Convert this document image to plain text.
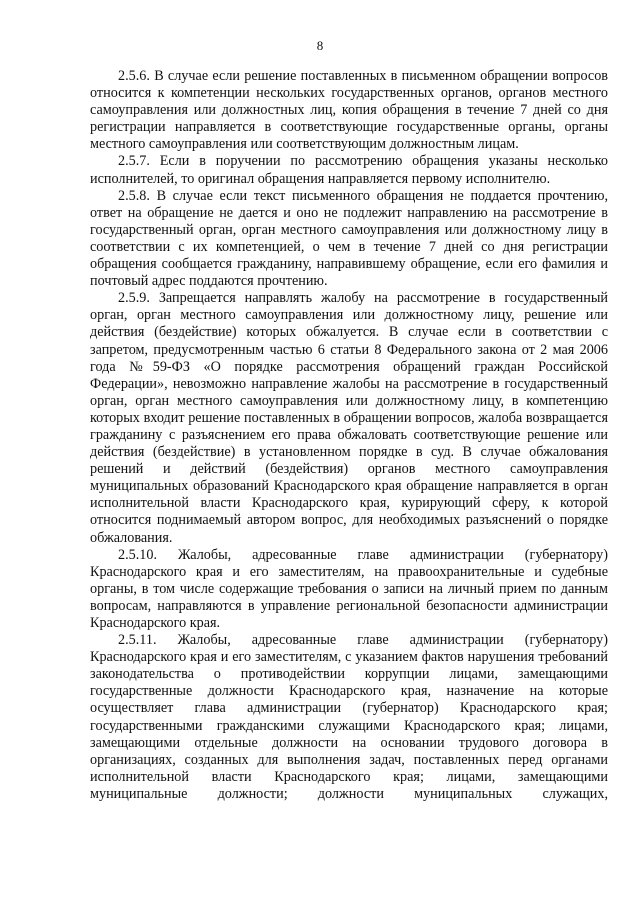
8

2.5.6. В случае если решение поставленных в письменном обращении вопросов относится к компетенции нескольких государственных органов, органов местного самоуправления или должностных лиц, копия обращения в течение 7 дней со дня регистрации направляется в соответствующие государственные органы, органы местного самоуправления или соответствующим должностным лицам.

2.5.7. Если в поручении по рассмотрению обращения указаны несколько исполнителей, то оригинал обращения направляется первому исполнителю.

2.5.8. В случае если текст письменного обращения не поддается прочтению, ответ на обращение не дается и оно не подлежит направлению на рассмотрение в государственный орган, орган местного самоуправления или должностному лицу в соответствии с их компетенцией, о чем в течение 7 дней со дня регистрации обращения сообщается гражданину, направившему обращение, если его фамилия и почтовый адрес поддаются прочтению.

2.5.9. Запрещается направлять жалобу на рассмотрение в государственный орган, орган местного самоуправления или должностному лицу, решение или действия (бездействие) которых обжалуется. В случае если в соответствии с запретом, предусмотренным частью 6 статьи 8 Федерального закона от 2 мая 2006 года №59-ФЗ «О порядке рассмотрения обращений граждан Российской Федерации», невозможно направление жалобы на рассмотрение в государственный орган, орган местного самоуправления или должностному лицу, в компетенцию которых входит решение поставленных в обращении вопросов, жалоба возвращается гражданину с разъяснением его права обжаловать соответствующие решение или действия (бездействие) в установленном порядке в суд. В случае обжалования решений и действий (бездействия) органов местного самоуправления муниципальных образований Краснодарского края обращение направляется в орган исполнительной власти Краснодарского края, курирующий сферу, к которой относится поднимаемый автором вопрос, для необходимых разъяснений о порядке обжалования.

2.5.10. Жалобы, адресованные главе администрации (губернатору) Краснодарского края и его заместителям, на правоохранительные и судебные органы, в том числе содержащие требования о записи на личный прием по данным вопросам, направляются в управление региональной безопасности администрации Краснодарского края.

2.5.11. Жалобы, адресованные главе администрации (губернатору) Краснодарского края и его заместителям, с указанием фактов нарушения требований законодательства о противодействии коррупции лицами, замещающими государственные должности Краснодарского края, назначение на которые осуществляет глава администрации (губернатор) Краснодарского края; государственными гражданскими служащими Краснодарского края; лицами, замещающими отдельные должности на основании трудового договора в организациях, созданных для выполнения задач, поставленных перед органами исполнительной власти Краснодарского края; лицами, замещающими муниципальные должности; должности муниципальных служащих,
